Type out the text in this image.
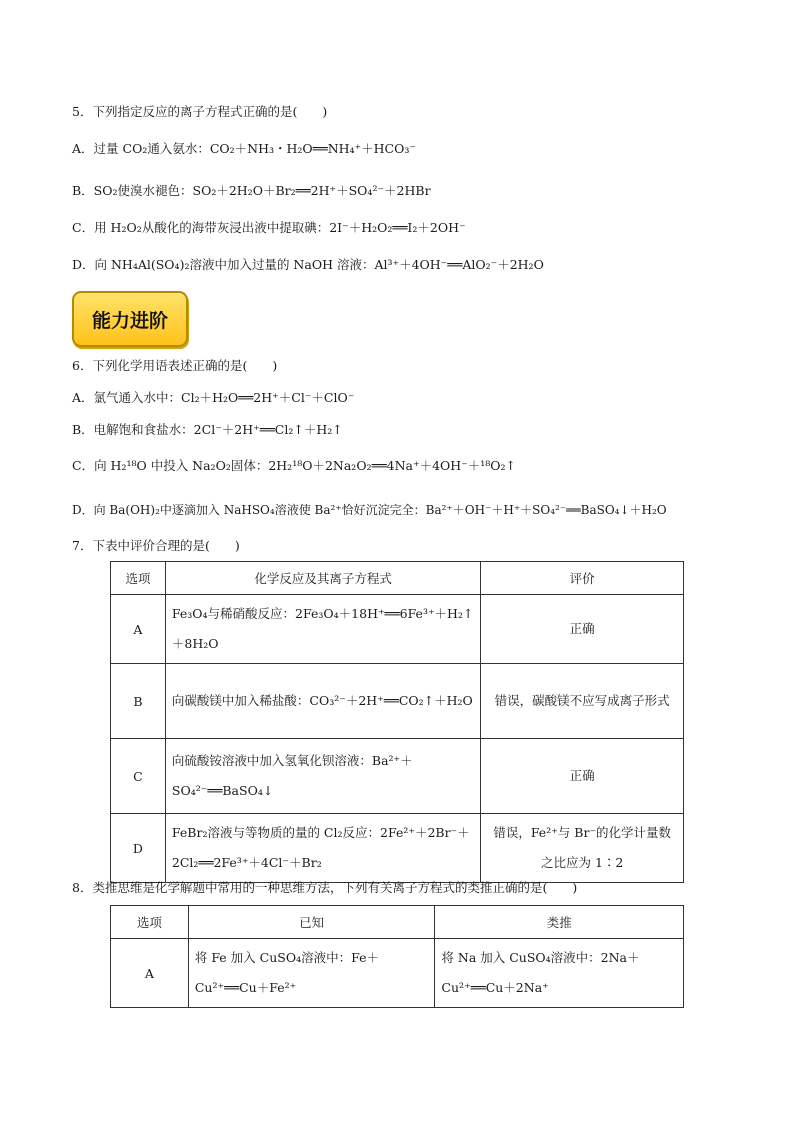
5．下列指定反应的离子方程式正确的是(　　)
A．过量 CO₂通入氨水：CO₂＋NH₃・H₂O══NH₄⁺＋HCO₃⁻
B．SO₂使溴水褪色：SO₂＋2H₂O＋Br₂══2H⁺＋SO₄²⁻＋2HBr
C．用 H₂O₂从酸化的海带灰浸出液中提取碘：2I⁻＋H₂O₂══I₂＋2OH⁻
D．向 NH₄Al(SO₄)₂溶液中加入过量的 NaOH 溶液：Al³⁺＋4OH⁻══AlO₂⁻＋2H₂O
能力进阶
6．下列化学用语表述正确的是(　　)
A．氯气通入水中：Cl₂＋H₂O══2H⁺＋Cl⁻＋ClO⁻
B．电解饱和食盐水：2Cl⁻＋2H⁺══Cl₂↑＋H₂↑
C．向 H₂¹⁸O 中投入 Na₂O₂固体：2H₂¹⁸O＋2Na₂O₂══4Na⁺＋4OH⁻＋¹⁸O₂↑
D．向 Ba(OH)₂中逐滴加入 NaHSO₄溶液使 Ba²⁺恰好沉淀完全：Ba²⁺＋OH⁻＋H⁺＋SO₄²⁻══BaSO₄↓＋H₂O
7．下表中评价合理的是(　　)
选项	化学反应及其离子方程式	评价
A	Fe₃O₄与稀硝酸反应：2Fe₃O₄＋18H⁺══6Fe³⁺＋H₂↑＋8H₂O	正确
B	向碳酸镁中加入稀盐酸：CO₃²⁻＋2H⁺══CO₂↑＋H₂O	错误，碳酸镁不应写成离子形式
C	向硫酸铵溶液中加入氢氧化钡溶液：Ba²⁺＋SO₄²⁻══BaSO₄↓	正确
D	FeBr₂溶液与等物质的量的 Cl₂反应：2Fe²⁺＋2Br⁻＋2Cl₂══2Fe³⁺＋4Cl⁻＋Br₂	错误，Fe²⁺与 Br⁻的化学计量数之比应为 1∶2
8．类推思维是化学解题中常用的一种思维方法，下列有关离子方程式的类推正确的是(　　)
选项	已知	类推
A	将 Fe 加入 CuSO₄溶液中：Fe＋Cu²⁺══Cu＋Fe²⁺	将 Na 加入 CuSO₄溶液中：2Na＋Cu²⁺══Cu＋2Na⁺
